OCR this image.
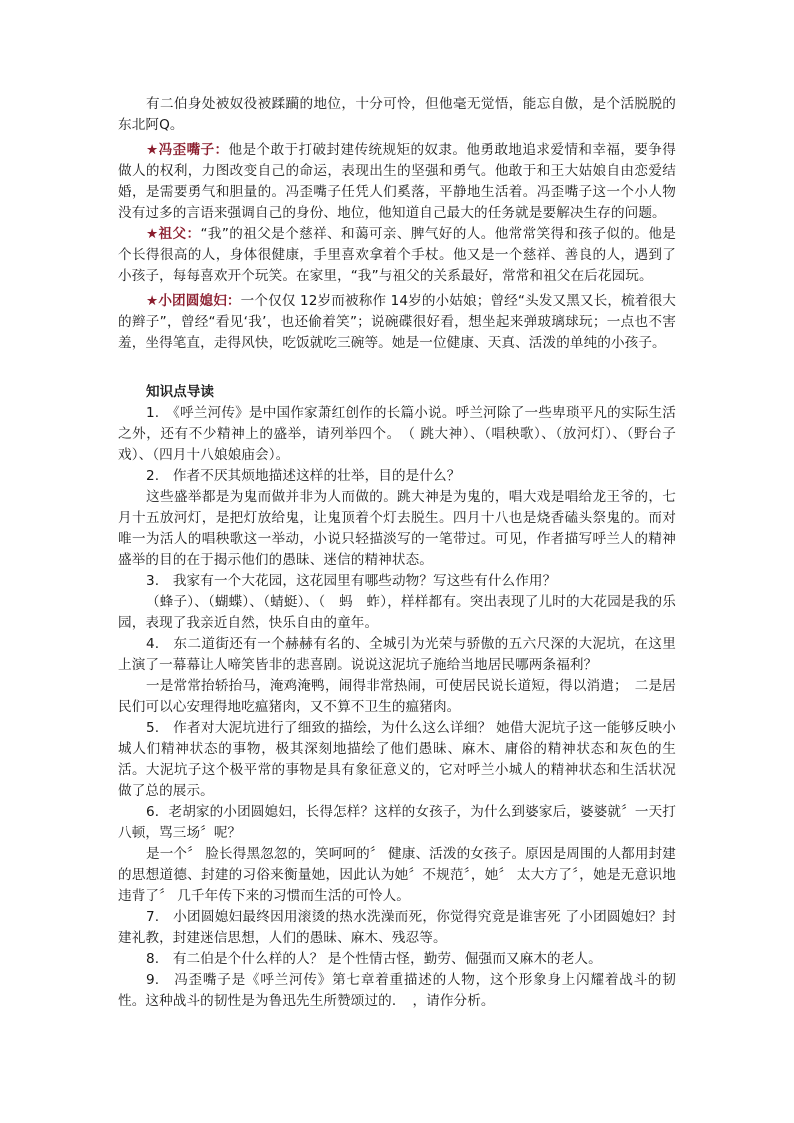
有二伯身处被奴役被蹂躏的地位，十分可怜，但他毫无觉悟，能忘自傲，是个活脱脱的东北阿Q。

★冯歪嘴子：他是个敢于打破封建传统规矩的奴隶。他勇敢地追求爱情和幸福，要争得做人的权利，力图改变自己的命运，表现出生的坚强和勇气。他敢于和王大姑娘自由恋爱结婚，是需要勇气和胆量的。冯歪嘴子任凭人们奚落，平静地生活着。冯歪嘴子这一个小人物没有过多的言语来强调自己的身份、地位，他知道自己最大的任务就是要解决生存的问题。

★祖父：“我”的祖父是个慈祥、和蔼可亲、脾气好的人。他常常笑得和孩子似的。他是个长得很高的人，身体很健康，手里喜欢拿着个手杖。他又是一个慈祥、善良的人，遇到了小孩子，每每喜欢开个玩笑。在家里，“我”与祖父的关系最好，常常和祖父在后花园玩。

★小团圆媳妇：一个仅仅 12岁而被称作 14岁的小姑娘；曾经“头发又黑又长，梳着很大的辫子”，曾经“看见‘我’，也还偷着笑”；说碗碟很好看，想坐起来弹玻璃球玩；一点也不害羞，坐得笔直，走得风快，吃饭就吃三碗等。她是一位健康、天真、活泼的单纯的小孩子。

知识点导读

1.　《呼兰河传》是中国作家萧红创作的长篇小说。呼兰河除了一些卑琐平凡的实际生活之外，还有不少精神上的盛举，请列举四个。　（ 跳大神）、（唱秧歌）、（放河灯）、（野台子戏）、（四月十八娘娘庙会）。

2.　作者不厌其烦地描述这样的壮举，目的是什么？

这些盛举都是为鬼而做并非为人而做的。跳大神是为鬼的，唱大戏是唱给龙王爷的，七月十五放河灯，是把灯放给鬼，让鬼顶着个灯去脱生。四月十八也是烧香磕头祭鬼的。而对唯一为活人的唱秧歌这一举动，小说只轻描淡写的一笔带过。可见，作者描写呼兰人的精神盛举的目的在于揭示他们的愚昧、迷信的精神状态。

3.　我家有一个大花园，这花园里有哪些动物？写这些有什么作用？

（蜂子）、（蝴蝶）、（蜻蜓）、（　蚂　蚱），样样都有。突出表现了儿时的大花园是我的乐园，表现了我亲近自然，快乐自由的童年。

4.　东二道街还有一个赫赫有名的、全城引为光荣与骄傲的五六尺深的大泥坑，在这里上演了一幕幕让人啼笑皆非的悲喜剧。说说这泥坑子施给当地居民哪两条福利？

一是常常抬轿抬马，淹鸡淹鸭，闹得非常热闹，可使居民说长道短，得以消遣；　二是居民们可以心安理得地吃瘟猪肉，又不算不卫生的瘟猪肉。

5.　作者对大泥坑进行了细致的描绘，为什么这么详细？ 她借大泥坑子这一能够反映小城人们精神状态的事物，极其深刻地描绘了他们愚昧、麻木、庸俗的精神状态和灰色的生活。大泥坑子这个极平常的事物是具有象征意义的，它对呼兰小城人的精神状态和生活状况做了总的展示。

6．老胡家的小团圆媳妇，长得怎样？这样的女孩子，为什么到婆家后，婆婆就〞一天打八顿，骂三场〞呢？

是一个〞 脸长得黑忽忽的，笑呵呵的〞 健康、活泼的女孩子。原因是周围的人都用封建的思想道德、封建的习俗来衡量她，因此认为她〞不规范〞，她〞 太大方了〞，她是无意识地违背了〞 几千年传下来的习惯而生活的可怜人。

7.　小团圆媳妇最终因用滚烫的热水洗澡而死，你觉得究竟是谁害死 了小团圆媳妇？封建礼教，封建迷信思想，人们的愚昧、麻木、残忍等。

8.　有二伯是个什么样的人？ 是个性情古怪，勤劳、倔强而又麻木的老人。

9.　冯歪嘴子是《呼兰河传》第七章着重描述的人物，这个形象身上闪耀着战斗的韧性。这种战斗的韧性是为鲁迅先生所赞颂过的．　，请作分析。
